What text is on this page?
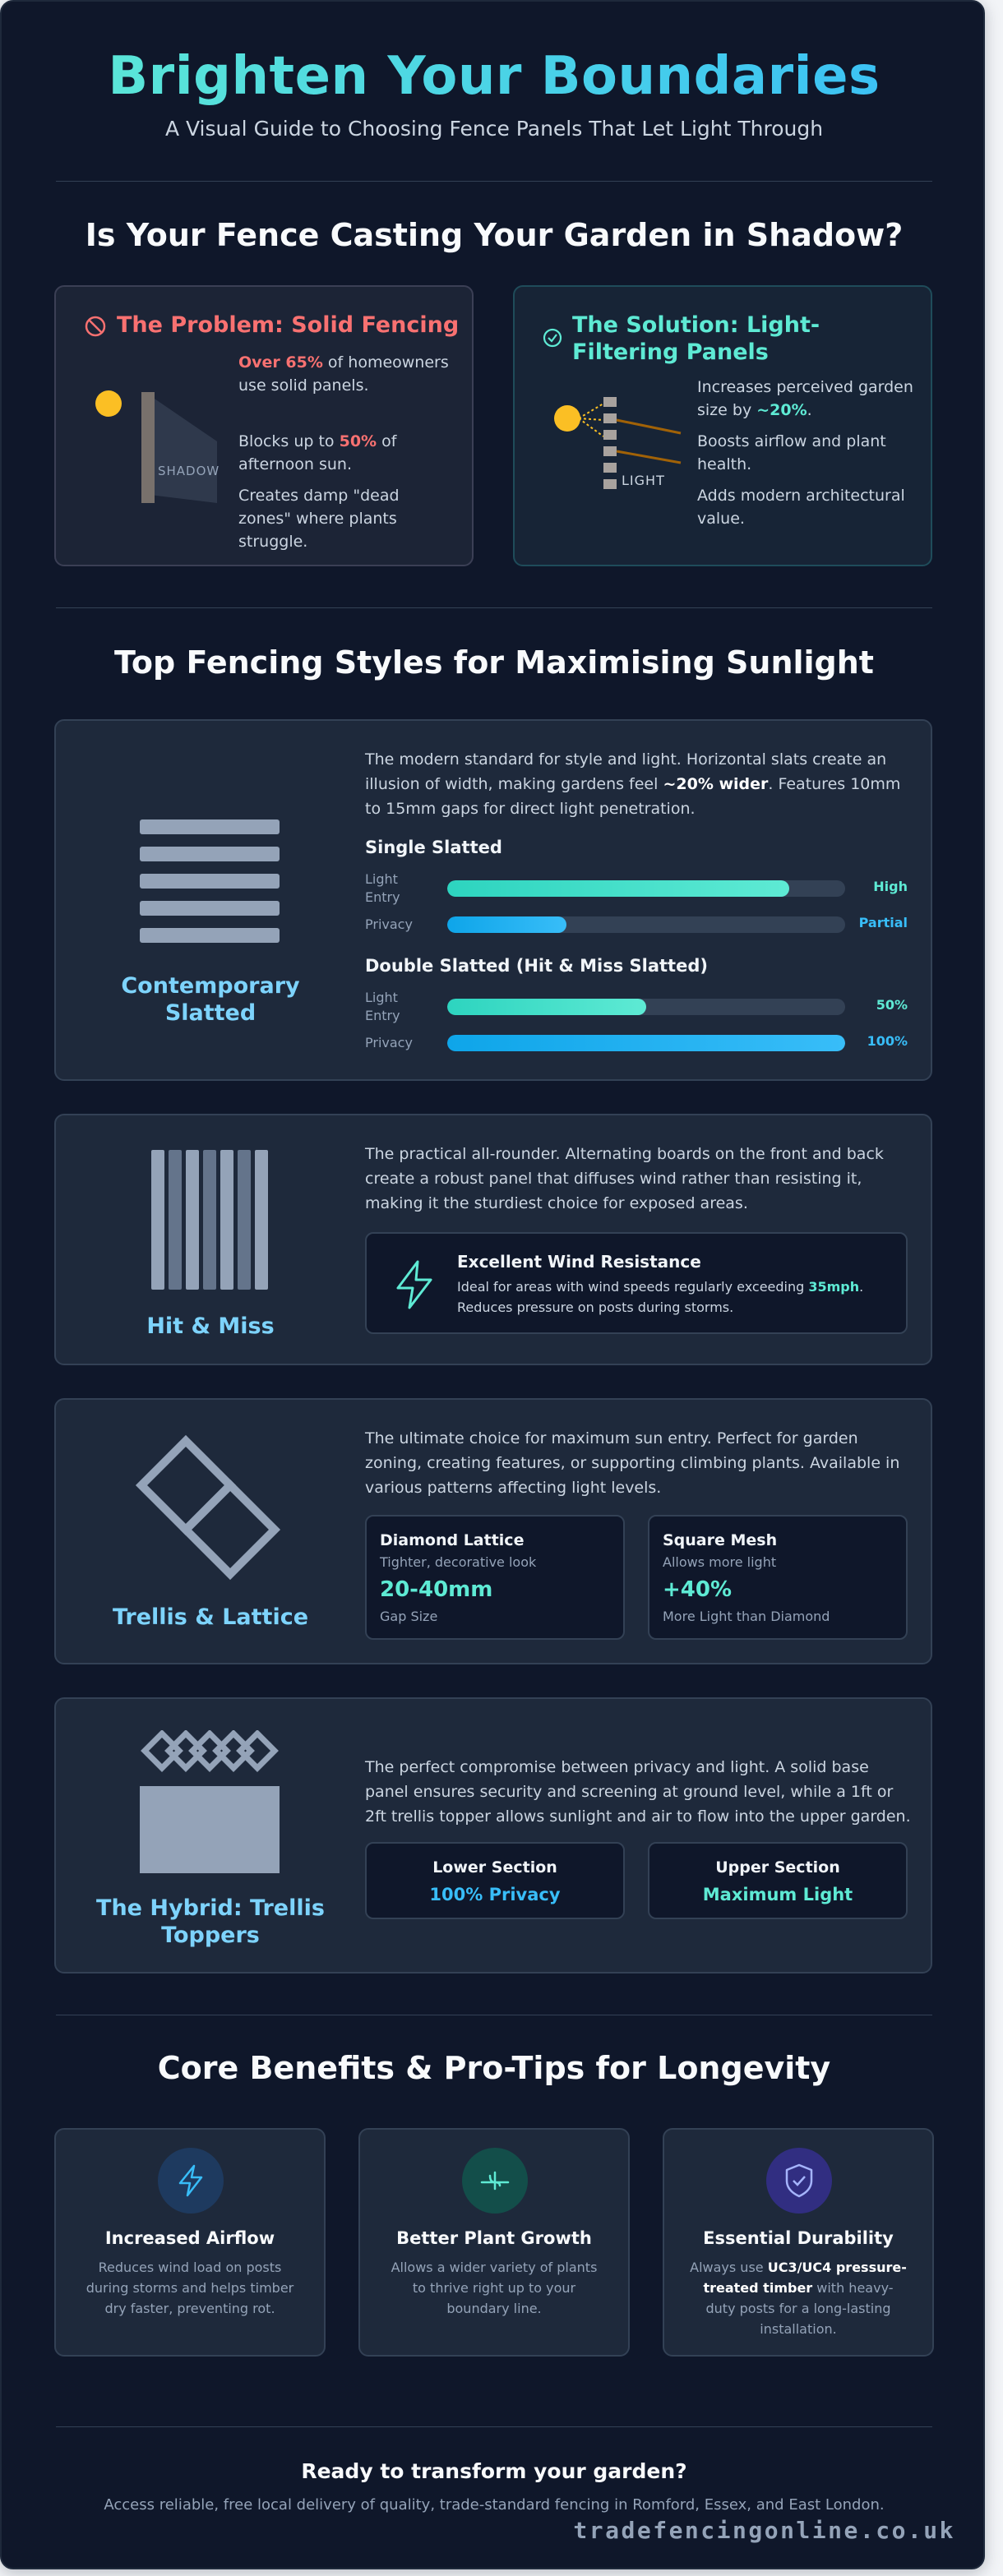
Brighten Your Boundaries
A Visual Guide to Choosing Fence Panels That Let Light Through
Is Your Fence Casting Your Garden in Shadow?
The Problem: Solid Fencing
SHADOW
Over 65% of homeowners use solid panels.
Blocks up to 50% of afternoon sun.
Creates damp "dead zones" where plants struggle.
The Solution: Light-Filtering Panels
LIGHT
Increases perceived garden size by ~20%.
Boosts airflow and plant health.
Adds modern architectural value.
Top Fencing Styles for Maximising Sunlight
Contemporary Slatted
The modern standard for style and light. Horizontal slats create an illusion of width, making gardens feel ~20% wider. Features 10mm to 15mm gaps for direct light penetration.
Single Slatted
Light Entry
High
Privacy	Partial
Double Slatted (Hit & Miss Slatted)
Light Entry
50%
Privacy	100%
Hit & Miss
The practical all-rounder. Alternating boards on the front and back create a robust panel that diffuses wind rather than resisting it, making it the sturdiest choice for exposed areas.
Excellent Wind Resistance
Ideal for areas with wind speeds regularly exceeding 35mph. Reduces pressure on posts during storms.
Trellis & Lattice
The ultimate choice for maximum sun entry. Perfect for garden zoning, creating features, or supporting climbing plants. Available in various patterns affecting light levels.
Diamond Lattice
Tighter, decorative look
20-40mm
Gap Size
Square Mesh
Allows more light
+40%
More Light than Diamond
The Hybrid: Trellis Toppers
The perfect compromise between privacy and light. A solid base panel ensures security and screening at ground level, while a 1ft or 2ft trellis topper allows sunlight and air to flow into the upper garden.
Lower Section
100% Privacy
Upper Section
Maximum Light
Core Benefits & Pro-Tips for Longevity
Increased Airflow
Reduces wind load on posts during storms and helps timber dry faster, preventing rot.
Better Plant Growth
Allows a wider variety of plants to thrive right up to your boundary line.
Essential Durability
Always use UC3/UC4 pressure-treated timber with heavy-duty posts for a long-lasting installation.
Ready to transform your garden?
Access reliable, free local delivery of quality, trade-standard fencing in Romford, Essex, and East London.
tradefencingonline.co.uk
